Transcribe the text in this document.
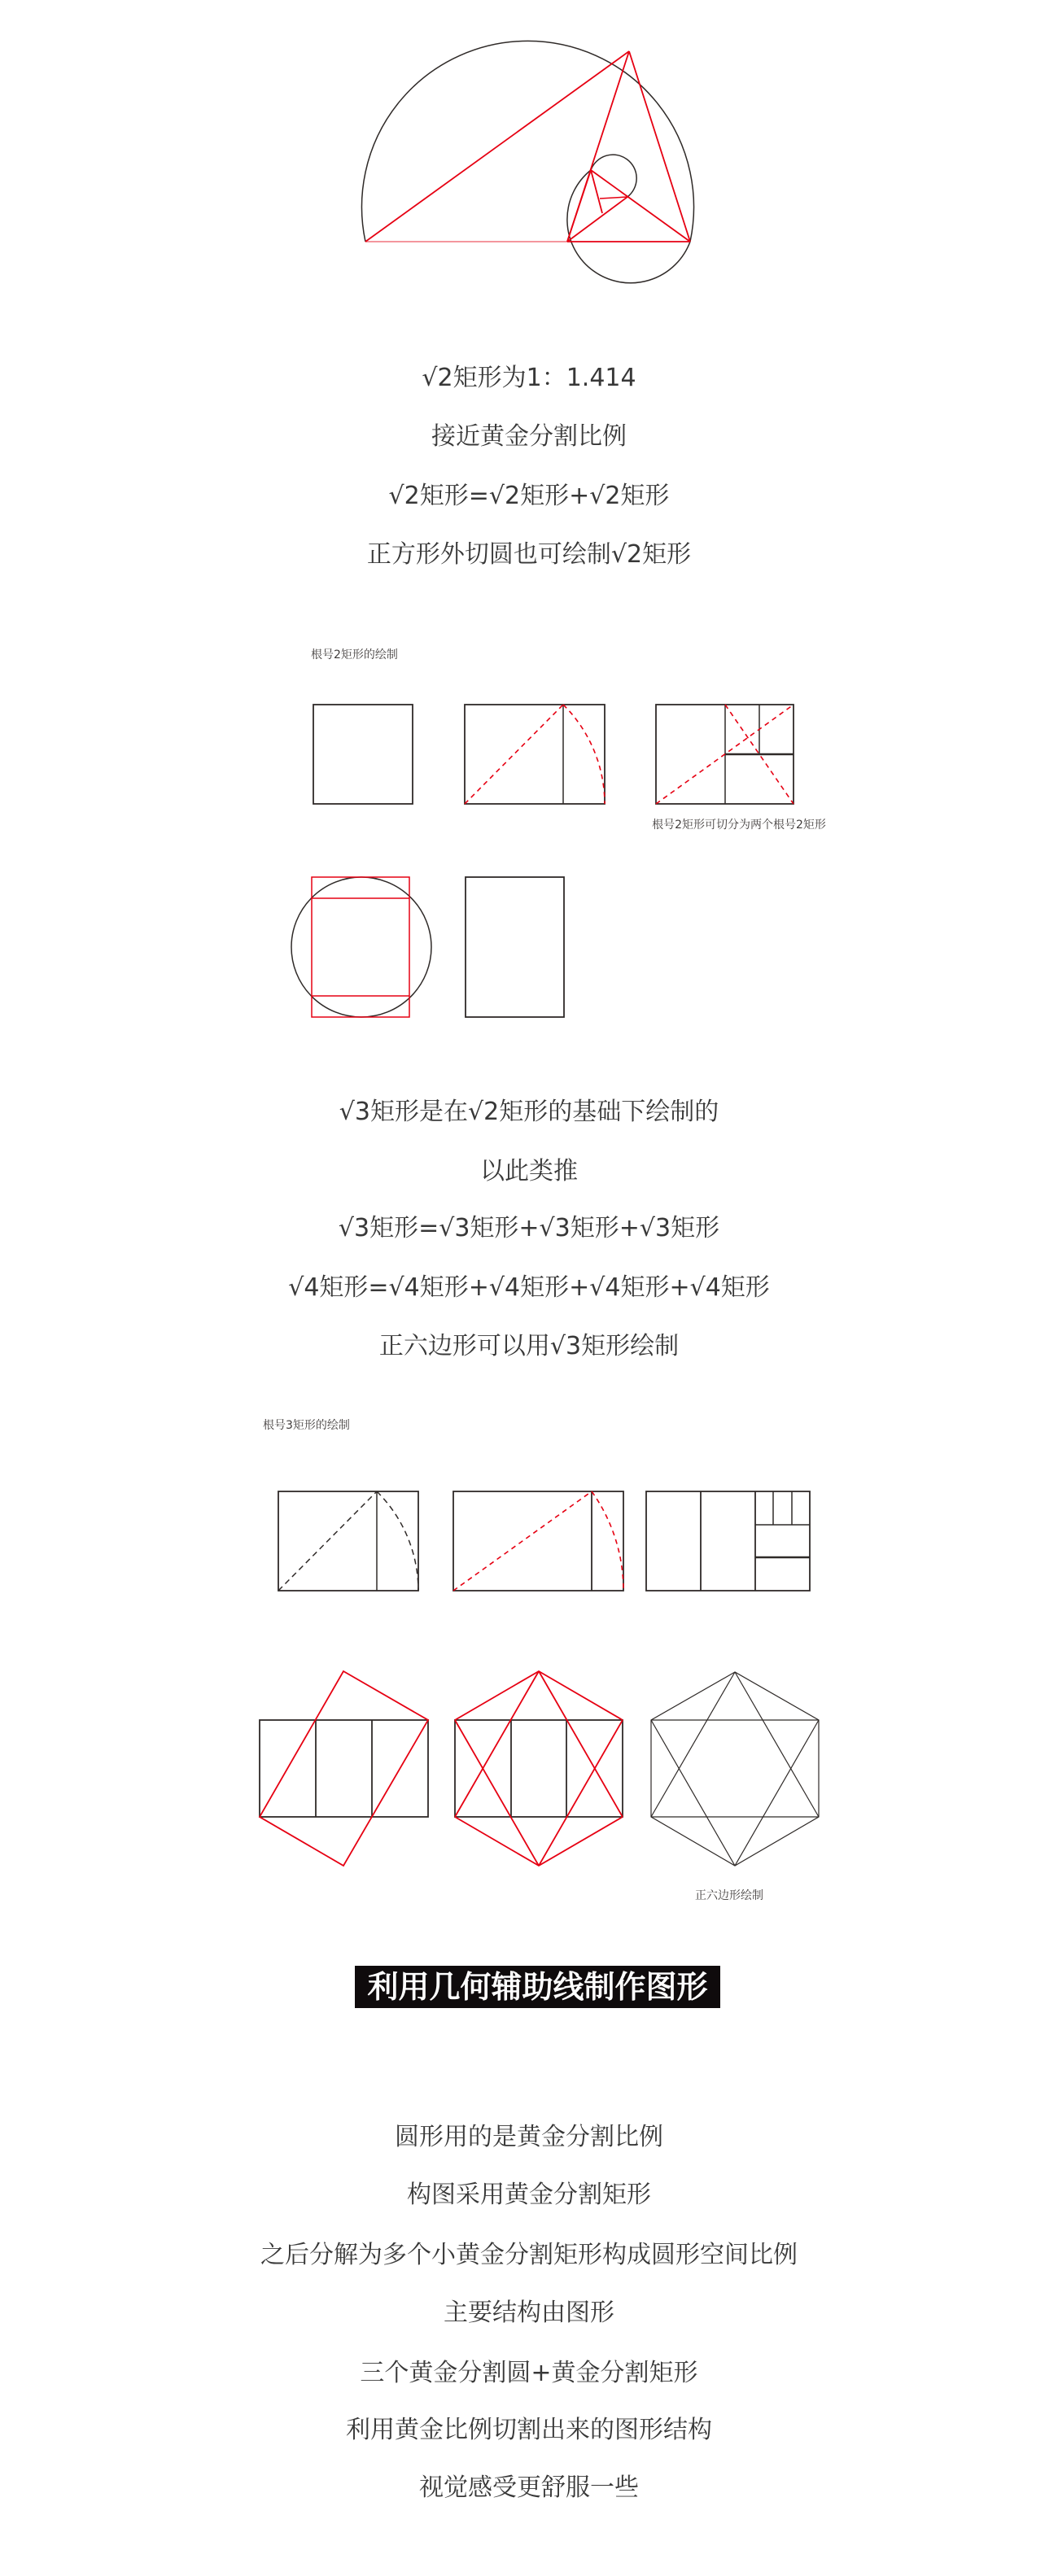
√2矩形为1：1.414
接近黄金分割比例
√2矩形=√2矩形+√2矩形
正方形外切圆也可绘制√2矩形
根号2矩形的绘制
根号2矩形可切分为两个根号2矩形
√3矩形是在√2矩形的基础下绘制的
以此类推
√3矩形=√3矩形+√3矩形+√3矩形
√4矩形=√4矩形+√4矩形+√4矩形+√4矩形
正六边形可以用√3矩形绘制
根号3矩形的绘制
正六边形绘制
利用几何辅助线制作图形
圆形用的是黄金分割比例
构图采用黄金分割矩形
之后分解为多个小黄金分割矩形构成圆形空间比例
主要结构由图形
三个黄金分割圆+黄金分割矩形
利用黄金比例切割出来的图形结构
视觉感受更舒服一些
